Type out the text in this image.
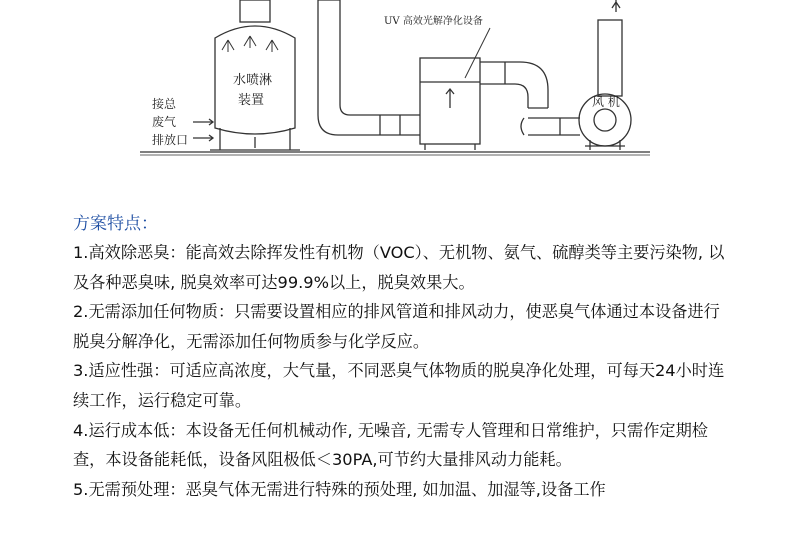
UV 高效光解净化设备
水喷淋
装置
接总
废气
排放口
风 机
方案特点：

1.高效除恶臭：能高效去除挥发性有机物（VOC）、无机物、氨气、硫醇类等主要污染物, 以及各种恶臭味, 脱臭效率可达99.9%以上，脱臭效果大。

2.无需添加任何物质：只需要设置相应的排风管道和排风动力，使恶臭气体通过本设备进行脱臭分解净化，无需添加任何物质参与化学反应。

3.适应性强：可适应高浓度，大气量，不同恶臭气体物质的脱臭净化处理，可每天24小时连续工作，运行稳定可靠。

4.运行成本低：本设备无任何机械动作, 无噪音, 无需专人管理和日常维护，只需作定期检查，本设备能耗低，设备风阻极低＜30PA,可节约大量排风动力能耗。

5.无需预处理：恶臭气体无需进行特殊的预处理, 如加温、加湿等,设备工作
